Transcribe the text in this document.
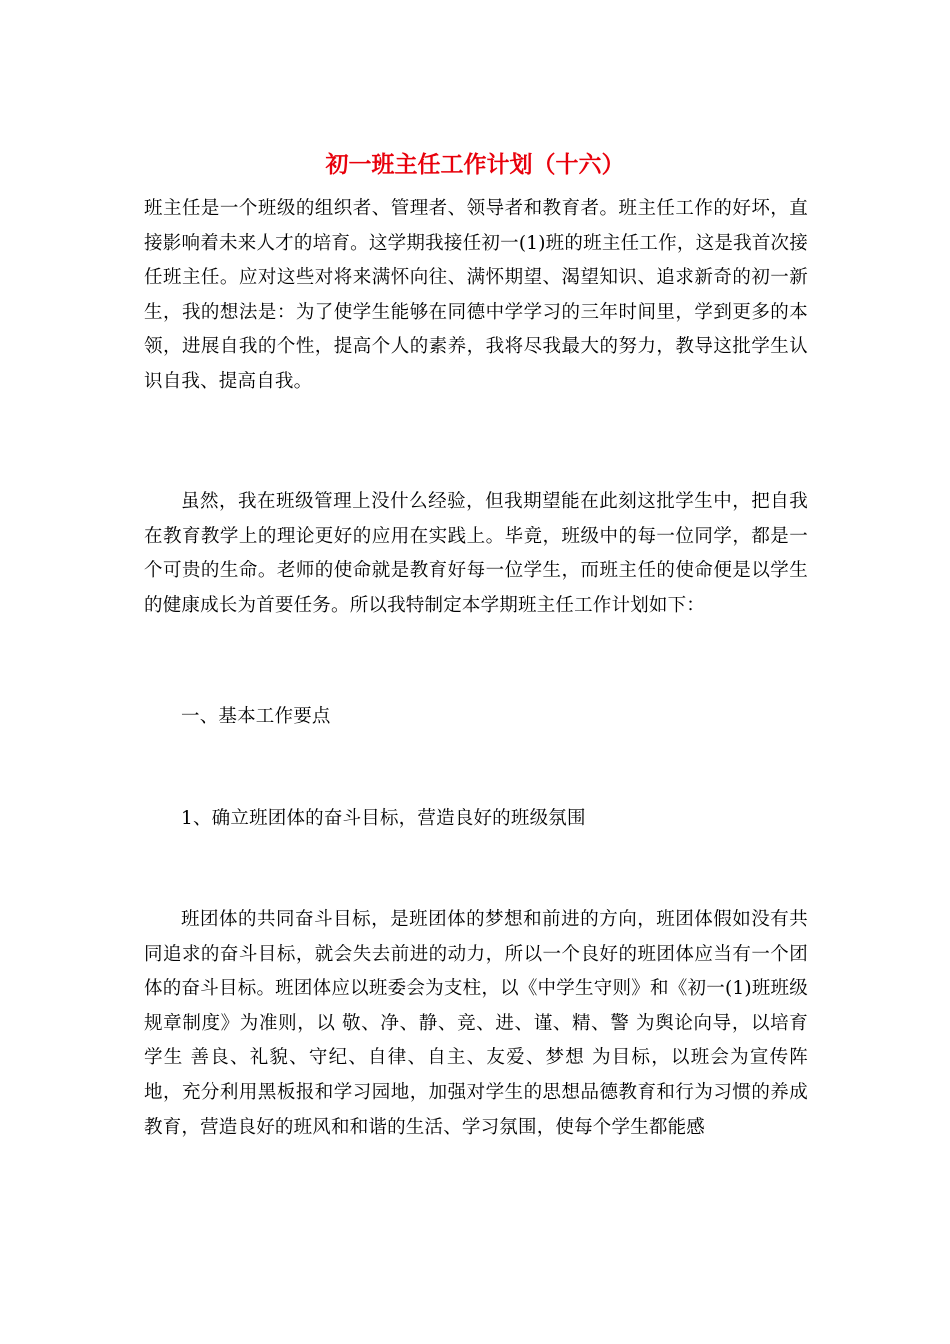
初一班主任工作计划（十六）

班主任是一个班级的组织者、管理者、领导者和教育者。班主任工作的好坏，直接影响着未来人才的培育。这学期我接任初一(1)班的班主任工作，这是我首次接任班主任。应对这些对将来满怀向往、满怀期望、渴望知识、追求新奇的初一新生，我的想法是：为了使学生能够在同德中学学习的三年时间里，学到更多的本领，进展自我的个性，提高个人的素养，我将尽我最大的努力，教导这批学生认识自我、提高自我。

虽然，我在班级管理上没什么经验，但我期望能在此刻这批学生中，把自我在教育教学上的理论更好的应用在实践上。毕竟，班级中的每一位同学，都是一个可贵的生命。老师的使命就是教育好每一位学生，而班主任的使命便是以学生的健康成长为首要任务。所以我特制定本学期班主任工作计划如下：

一、基本工作要点

1、确立班团体的奋斗目标，营造良好的班级氛围

班团体的共同奋斗目标，是班团体的梦想和前进的方向，班团体假如没有共同追求的奋斗目标，就会失去前进的动力，所以一个良好的班团体应当有一个团体的奋斗目标。班团体应以班委会为支柱，以《中学生守则》和《初一(1)班班级规章制度》为准则，以 敬、净、静、竞、进、谨、精、警 为舆论向导，以培育学生 善良、礼貌、守纪、自律、自主、友爱、梦想 为目标，以班会为宣传阵地，充分利用黑板报和学习园地，加强对学生的思想品德教育和行为习惯的养成教育，营造良好的班风和和谐的生活、学习氛围，使每个学生都能感
